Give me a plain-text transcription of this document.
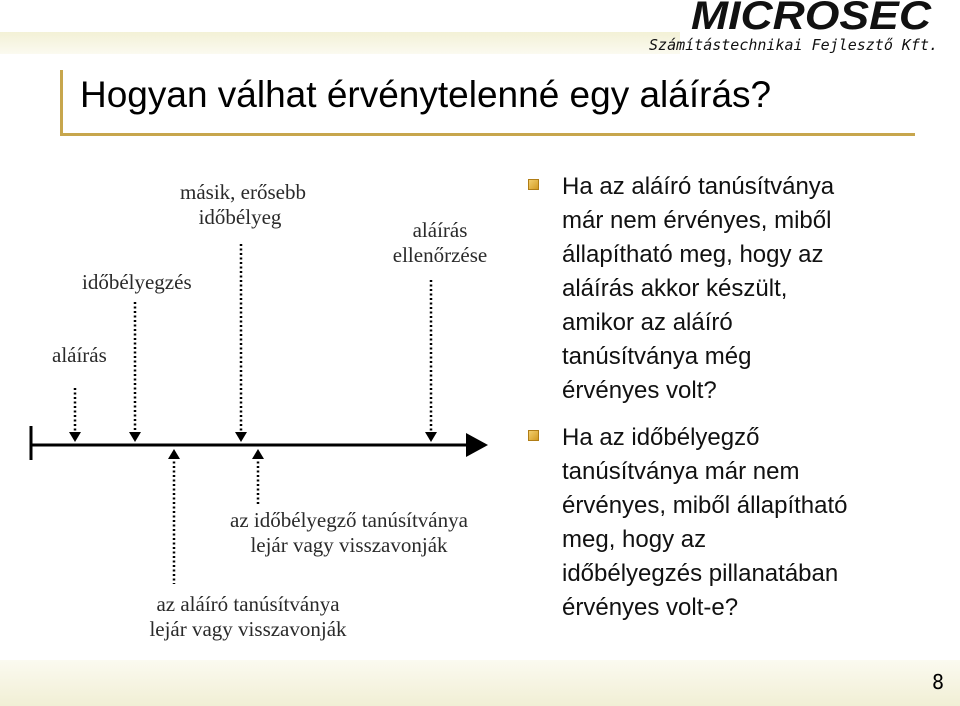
MICROSEC
Számítástechnikai Fejlesztő Kft.
Hogyan válhat érvénytelenné egy aláírás?
aláírás
időbélyegzés
másik, erősebb
időbélyeg
aláírás
ellenőrzése
az időbélyegző tanúsítványa
lejár vagy visszavonják
az aláíró tanúsítványa
lejár vagy visszavonják
Ha az aláíró tanúsítványa
már nem érvényes, miből
állapítható meg, hogy az
aláírás akkor készült,
amikor az aláíró
tanúsítványa még
érvényes volt?
Ha az időbélyegző
tanúsítványa már nem
érvényes, miből állapítható
meg, hogy az
időbélyegzés pillanatában
érvényes volt-e?
8
